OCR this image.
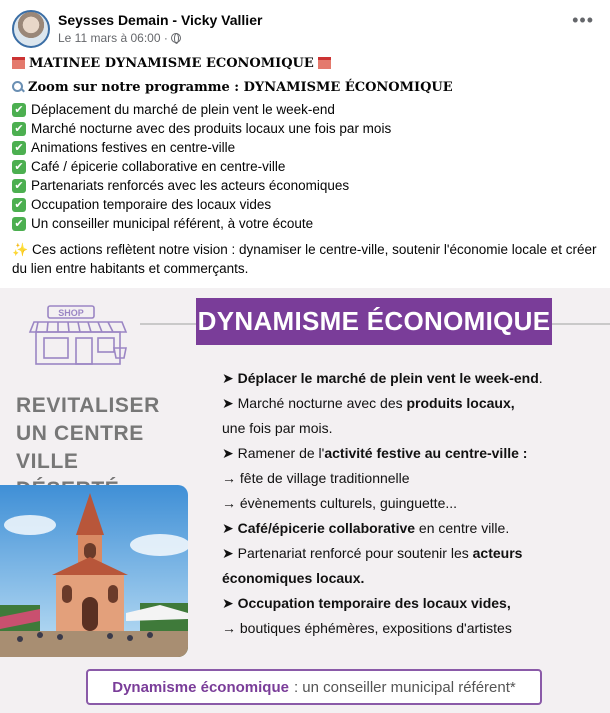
Seysses Demain - Vicky Vallier
Le 11 mars à 06:00 ·
•••
MATINEE DYNAMISME ECONOMIQUE
Zoom sur notre programme : DYNAMISME ÉCONOMIQUE
✔ Déplacement du marché de plein vent le week-end
✔ Marché nocturne avec des produits locaux une fois par mois
✔ Animations festives en centre-ville
✔ Café / épicerie collaborative en centre-ville
✔ Partenariats renforcés avec les acteurs économiques
✔ Occupation temporaire des locaux vides
✔ Un conseiller municipal référent, à votre écoute
✨ Ces actions reflètent notre vision : dynamiser le centre-ville, soutenir l'économie locale et créer du lien entre habitants et commerçants.
SHOP	DYNAMISME ÉCONOMIQUE
REVITALISER
UN CENTRE VILLE
➤ Déplacer le marché de plein vent le week-end .
➤ Marché nocturne avec des produits locaux,
une fois par mois.
➤ Ramener de l' activité festive au centre-ville :
→ fête de village traditionnelle
→ évènements culturels, guinguette...
➤ Café/épicerie collaborative en centre ville.
➤ Partenariat renforcé pour soutenir les acteurs
économiques locaux.
➤ Occupation temporaire des locaux vides,
→ boutiques éphémères, expositions d'artistes
Dynamisme économique : un conseiller municipal référent*
